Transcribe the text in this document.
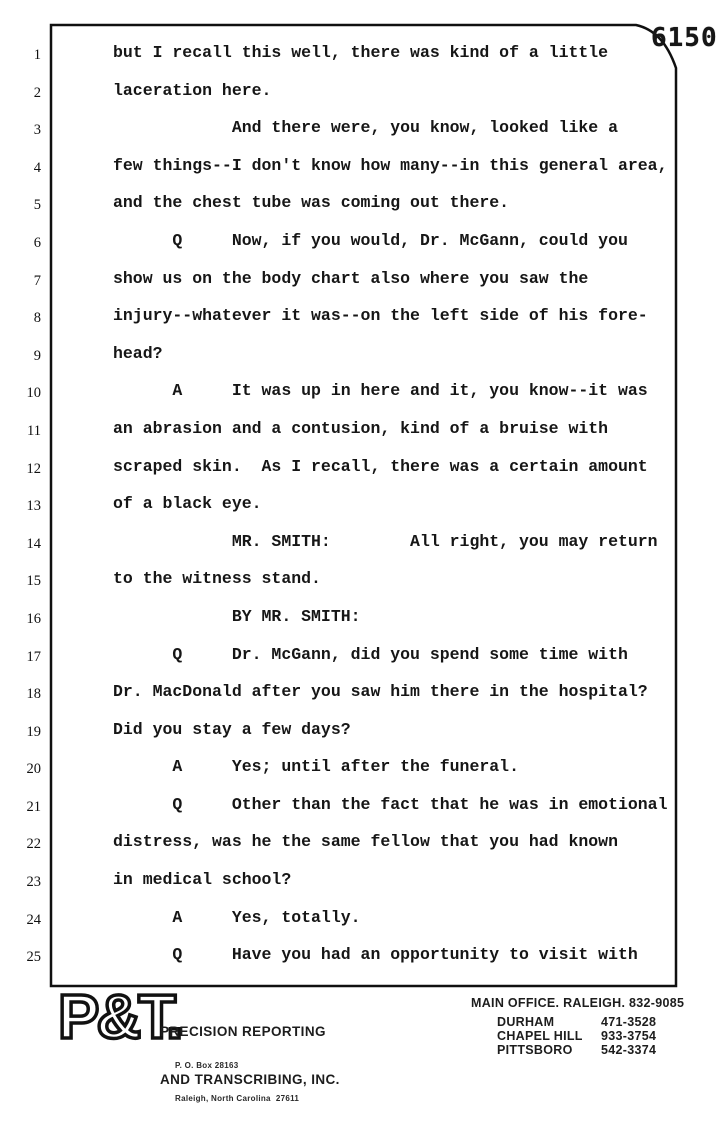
6150
1	but I recall this well, there was kind of a little
2	laceration here.
3	And there were, you know, looked like a
4	few things--I don't know how many--in this general area,
5	and the chest tube was coming out there.
6	Q     Now, if you would, Dr. McGann, could you
7	show us on the body chart also where you saw the
8	injury--whatever it was--on the left side of his fore-
9	head?
10	A     It was up in here and it, you know--it was
11	an abrasion and a contusion, kind of a bruise with
12	scraped skin.  As I recall, there was a certain amount
13	of a black eye.
14	MR. SMITH:        All right, you may return
15	to the witness stand.
16	BY MR. SMITH:
17	Q     Dr. McGann, did you spend some time with
18	Dr. MacDonald after you saw him there in the hospital?
19	Did you stay a few days?
20	A     Yes; until after the funeral.
21	Q     Other than the fact that he was in emotional
22	distress, was he the same fellow that you had known
23	in medical school?
24	A     Yes, totally.
25	Q     Have you had an opportunity to visit with
P&T.

PRECISION REPORTING

AND TRANSCRIBING, INC.

P. O. Box 28163

Raleigh, North Carolina  27611

MAIN OFFICE. RALEIGH. 832-9085
DURHAM	471-3528
CHAPEL HILL 933-3754
PITTSBORO 542-3374
